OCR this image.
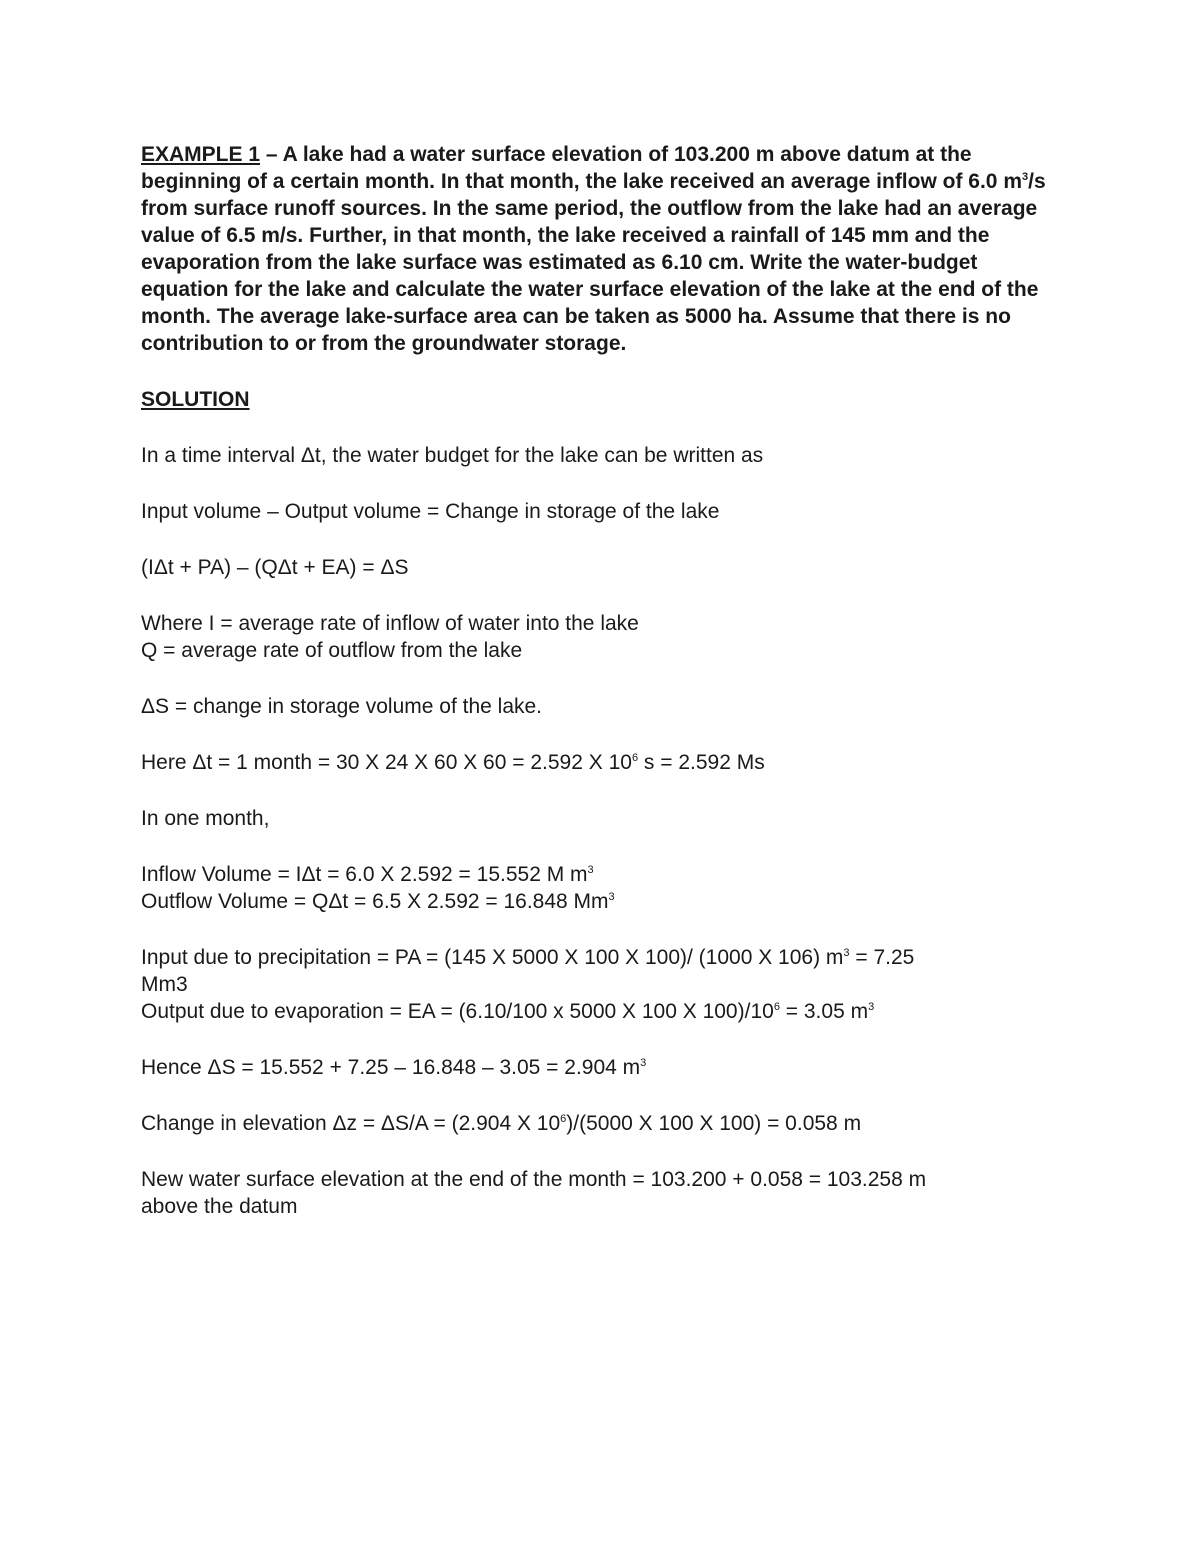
EXAMPLE 1 – A lake had a water surface elevation of 103.200 m above datum at the beginning of a certain month. In that month, the lake received an average inflow of 6.0 $m^3/s$ from surface runoff sources. In the same period, the outflow from the lake had an average value of 6.5 m/s. Further, in that month, the lake received a rainfall of 145 mm and the evaporation from the lake surface was estimated as 6.10 cm. Write the water-budget equation for the lake and calculate the water surface elevation of the lake at the end of the month. The average lake-surface area can be taken as 5000 ha. Assume that there is no contribution to or from the groundwater storage.

SOLUTION

In a time interval Δt, the water budget for the lake can be written as

Input volume – Output volume = Change in storage of the lake

(IΔt + PA) – (QΔt + EA) = ΔS

Where I = average rate of inflow of water into the lake
Q = average rate of outflow from the lake

ΔS = change in storage volume of the lake.

Here Δt = 1 month = 30 X 24 X 60 X 60 = 2.592 X $10^6$ s = 2.592 Ms

In one month,

Inflow Volume = IΔt = 6.0 X 2.592 = 15.552 M $m^3$
Outflow Volume = QΔt = 6.5 X 2.592 = 16.848 Mm$^3$

Input due to precipitation = PA = (145 X 5000 X 100 X 100)/ (1000 X 106) $m^3 = 7.25$
Mm3
Output due to evaporation = EA = (6.10/100 x 5000 X 100 X $100)/10^6 = 3.05$ $m^3$

Hence ΔS = 15.552 + 7.25 – 16.848 – 3.05 = 2.904 $m^3$

Change in elevation Δz = ΔS/A = (2.904 X $10^6)/(5000$ X 100 X 100) = 0.058 m

New water surface elevation at the end of the month = 103.200 + 0.058 = 103.258 m
above the datum
